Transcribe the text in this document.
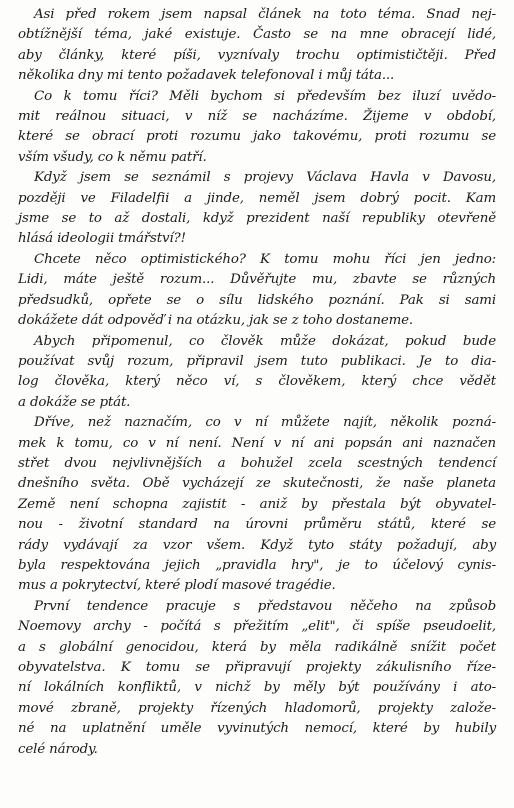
Asi před rokem jsem napsal článek na toto téma. Snad nej-
obtížnější téma, jaké existuje. Často se na mne obracejí lidé,
aby články, které píši, vyznívaly trochu optimističtěji. Před
několika dny mi tento požadavek telefonoval i můj táta...

Co k tomu říci? Měli bychom si především bez iluzí uvědo-
mit reálnou situaci, v níž se nacházíme. Žijeme v období,
které se obrací proti rozumu jako takovému, proti rozumu se
vším všudy, co k němu patří.

Když jsem se seznámil s projevy Václava Havla v Davosu,
později ve Filadelfii a jinde, neměl jsem dobrý pocit. Kam
jsme se to až dostali, když prezident naší republiky otevřeně
hlásá ideologii tmářství?!

Chcete něco optimistického? K tomu mohu říci jen jedno:
Lidi, máte ještě rozum... Důvěřujte mu, zbavte se různých
předsudků, opřete se o sílu lidského poznání. Pak si sami
dokážete dát odpověď i na otázku, jak se z toho dostaneme.

Abych připomenul, co člověk může dokázat, pokud bude
používat svůj rozum, připravil jsem tuto publikaci. Je to dia-
log člověka, který něco ví, s člověkem, který chce vědět
a dokáže se ptát.

Dříve, než naznačím, co v ní můžete najít, několik pozná-
mek k tomu, co v ní není. Není v ní ani popsán ani naznačen
střet dvou nejvlivnějších a bohužel zcela scestných tendencí
dnešního světa. Obě vycházejí ze skutečnosti, že naše planeta
Země není schopna zajistit - aniž by přestala být obyvatel-
nou - životní standard na úrovni průměru států, které se
rády vydávají za vzor všem. Když tyto státy požadují, aby
byla respektována jejich „pravidla hry", je to účelový cynis-
mus a pokrytectví, které plodí masové tragédie.

První tendence pracuje s představou něčeho na způsob
Noemovy archy - počítá s přežitím „elit", či spíše pseudoelit,
a s globální genocidou, která by měla radikálně snížit počet
obyvatelstva. K tomu se připravují projekty zákulisního říze-
ní lokálních konfliktů, v nichž by měly být používány i ato-
mové zbraně, projekty řízených hladomorů, projekty založe-
né na uplatnění uměle vyvinutých nemocí, které by hubily
celé národy.
